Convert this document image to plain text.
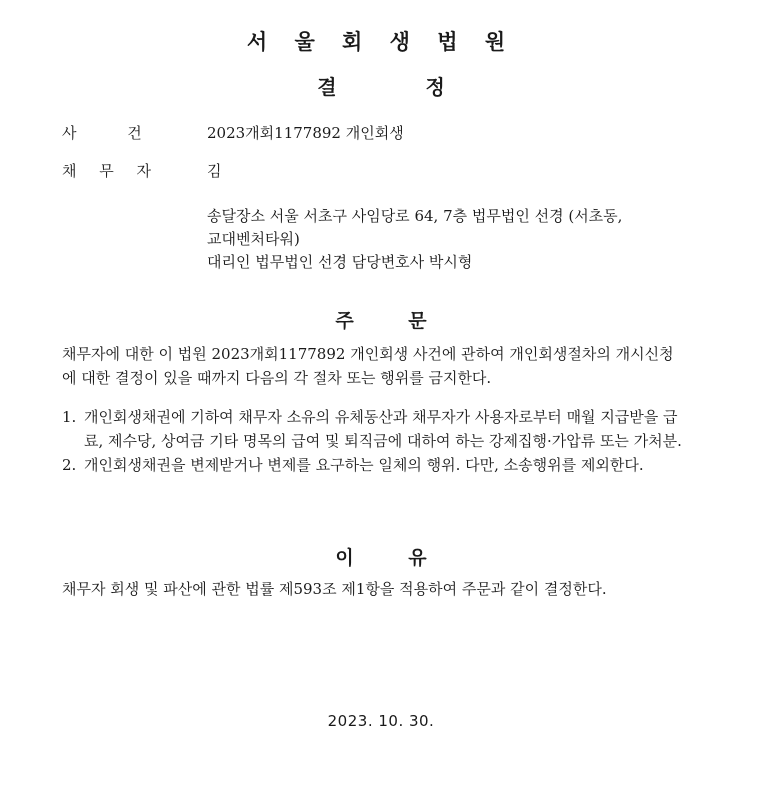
서 울 회 생 법 원
결 정
사 건	2023개회1177892 개인회생
채 무 자	김
송달장소 서울 서초구 사임당로 64, 7층 법무법인 선경 (서초동,
교대벤처타워)
대리인 법무법인 선경 담당변호사 박시형
주 문
채무자에 대한 이 법원 2023개회1177892 개인회생 사건에 관하여 개인회생절차의 개시신청에 대한 결정이 있을 때까지 다음의 각 절차 또는 행위를 금지한다.
1. 개인회생채권에 기하여 채무자 소유의 유체동산과 채무자가 사용자로부터 매월 지급받을 급료, 제수당, 상여금 기타 명목의 급여 및 퇴직금에 대하여 하는 강제집행·가압류 또는 가처분.
2. 개인회생채권을 변제받거나 변제를 요구하는 일체의 행위. 다만, 소송행위를 제외한다.
이 유
채무자 회생 및 파산에 관한 법률 제593조 제1항을 적용하여 주문과 같이 결정한다.
2023. 10. 30.
